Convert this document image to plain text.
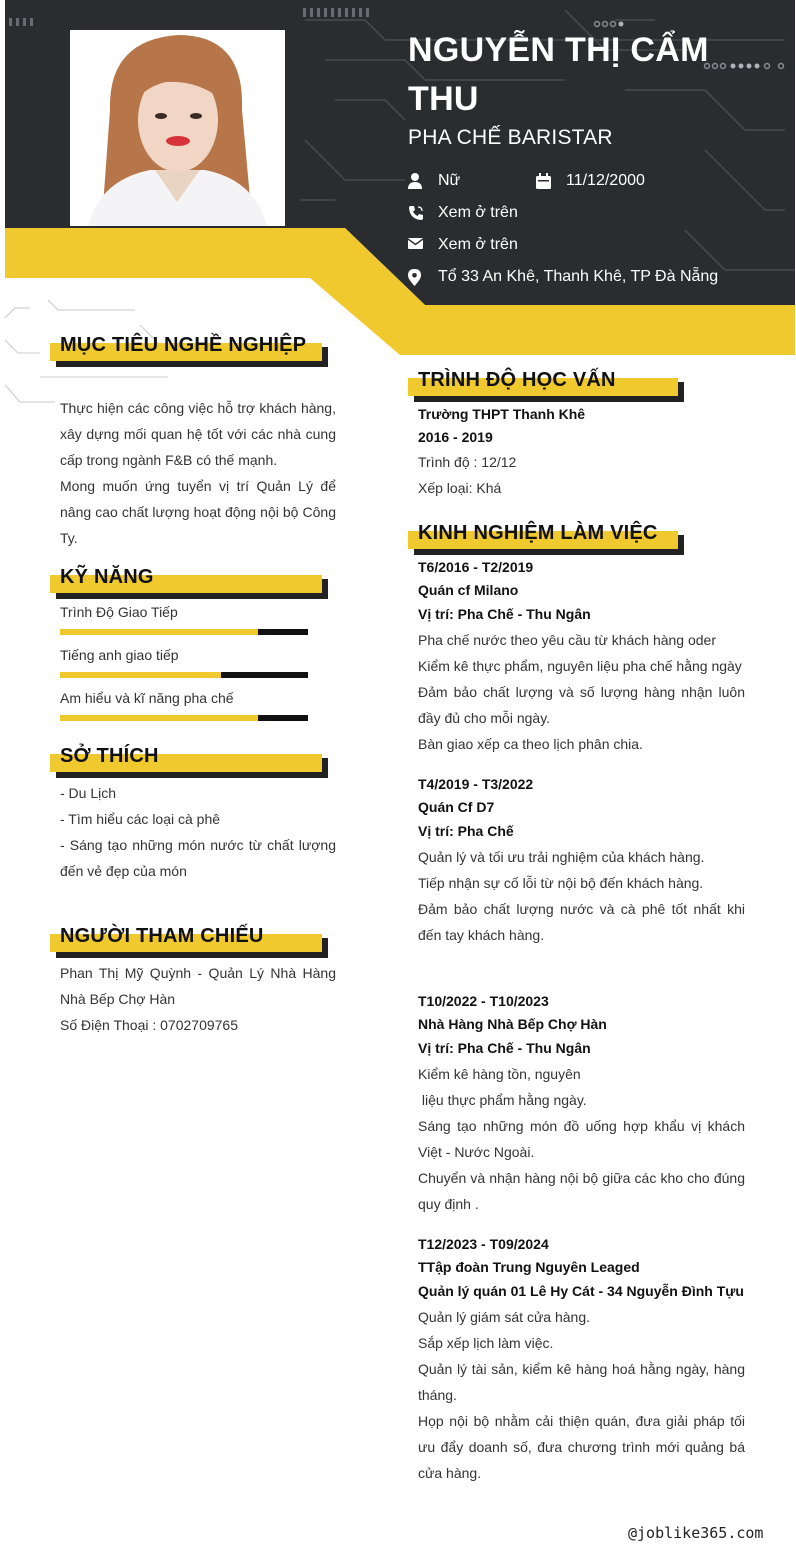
NGUYỄN THỊ CẨM THU
PHA CHẾ BARISTAR
Nữ	11/12/2000
Xem ở trên
Xem ở trên
Tổ 33 An Khê, Thanh Khê, TP Đà Nẵng
MỤC TIÊU NGHỀ NGHIỆP
Thực hiện các công việc hỗ trợ khách hàng, xây dựng mối quan hệ tốt với các nhà cung cấp trong ngành F&B có thế mạnh.
Mong muốn ứng tuyển vị trí Quản Lý để nâng cao chất lượng hoạt động nội bộ Công Ty.
KỸ NĂNG
Trình Độ Giao Tiếp
Tiếng anh giao tiếp
Am hiểu và kĩ năng pha chế
SỞ THÍCH
- Du Lịch
- Tìm hiểu các loại cà phê
- Sáng tạo những món nước từ chất lượng đến vẻ đẹp của món
NGƯỜI THAM CHIẾU
Phan Thị Mỹ Quỳnh - Quản Lý Nhà Hàng Nhà Bếp Chợ Hàn
Số Điện Thoại : 0702709765
TRÌNH ĐỘ HỌC VẤN
Trường THPT Thanh Khê
2016 - 2019
Trình độ : 12/12
Xếp loại: Khá
KINH NGHIỆM LÀM VIỆC
T6/2016 - T2/2019
Quán cf Milano
Vị trí: Pha Chế - Thu Ngân
Pha chế nước theo yêu cầu từ khách hàng oder
Kiểm kê thực phẩm, nguyên liệu pha chế hằng ngày
Đảm bảo chất lượng và số lượng hàng nhận luôn đầy đủ cho mỗi ngày.
Bàn giao xếp ca theo lịch phân chia.
T4/2019 - T3/2022
Quán Cf D7
Vị trí: Pha Chế
Quản lý và tối ưu trải nghiệm của khách hàng.
Tiếp nhận sự cố lỗi từ nội bộ đến khách hàng.
Đảm bảo chất lượng nước và cà phê tốt nhất khi đến tay khách hàng.
T10/2022 - T10/2023
Nhà Hàng Nhà Bếp Chợ Hàn
Vị trí: Pha Chế - Thu Ngân
Kiểm kê hàng tồn, nguyên
liệu thực phẩm hằng ngày.
Sáng tạo những món đồ uống hợp khẩu vị khách Việt - Nước Ngoài.
Chuyển và nhận hàng nội bộ giữa các kho cho đúng quy định .
T12/2023 - T09/2024
TTập đoàn Trung Nguyên Leaged
Quản lý quán 01 Lê Hy Cát - 34 Nguyễn Đình Tựu
Quản lý giám sát cửa hàng.
Sắp xếp lịch làm việc.
Quản lý tài sản, kiểm kê hàng hoá hằng ngày, hàng tháng.
Họp nội bộ nhằm cải thiện quán, đưa giải pháp tối ưu đẩy doanh số, đưa chương trình mới quảng bá cửa hàng.
@joblike365.com
